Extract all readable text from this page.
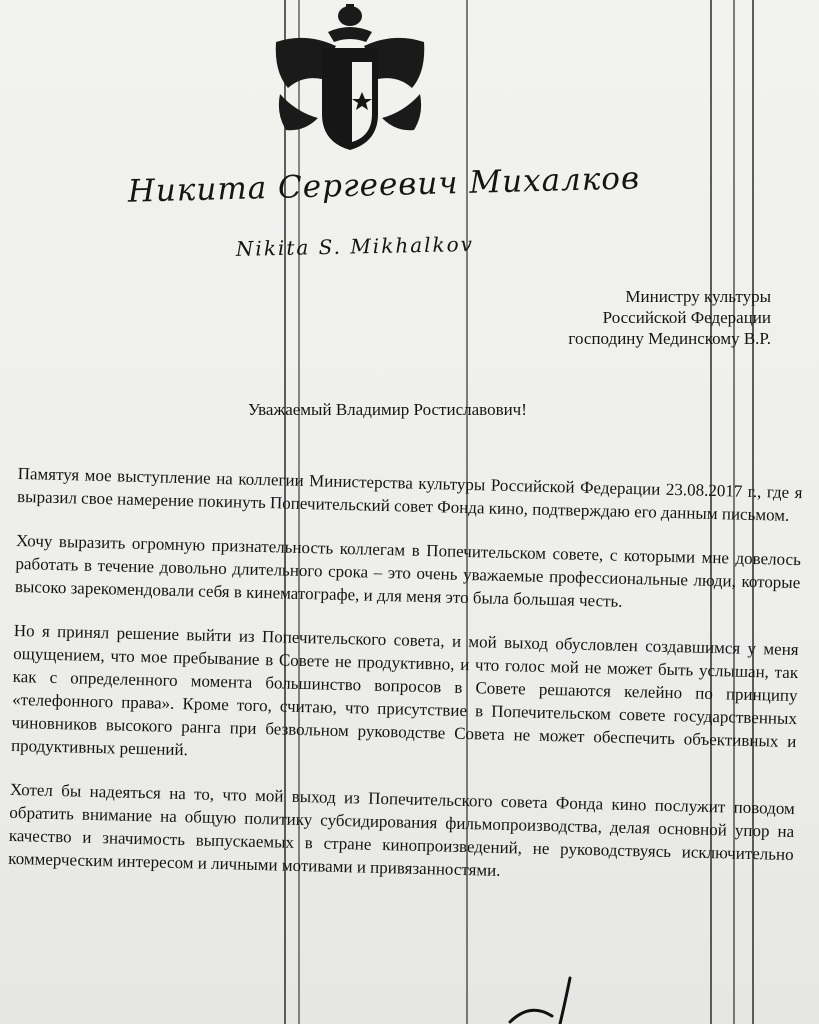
Никита Сергеевич Михалков
Nikita S. Mikhalkov
Министру культуры
Российской Федерации
господину Мединскому В.Р.
Уважаемый Владимир Ростиславович!

Памятуя мое выступление на коллегии Министерства культуры Российской Федерации 23.08.2017 г., где я выразил свое намерение покинуть Попечительский совет Фонда кино, подтверждаю его данным письмом.

Хочу выразить огромную признательность коллегам в Попечительском совете, с которыми мне довелось работать в течение довольно длительного срока – это очень уважаемые профессиональные люди, которые высоко зарекомендовали себя в кинематографе, и для меня это была большая честь.

Но я принял решение выйти из Попечительского совета, и мой выход обусловлен создавшимся у меня ощущением, что мое пребывание в Совете не продуктивно, и что голос мой не может быть услышан, так как с определенного момента большинство вопросов в Совете решаются келейно по принципу «телефонного права». Кроме того, считаю, что присутствие в Попечительском совете государственных чиновников высокого ранга при безвольном руководстве Совета не может обеспечить объективных и продуктивных решений.

Хотел бы надеяться на то, что мой выход из Попечительского совета Фонда кино послужит поводом обратить внимание на общую политику субсидирования фильмопроизводства, делая основной упор на качество и значимость выпускаемых в стране кинопроизведений, не руководствуясь исключительно коммерческим интересом и личными мотивами и привязанностями.
